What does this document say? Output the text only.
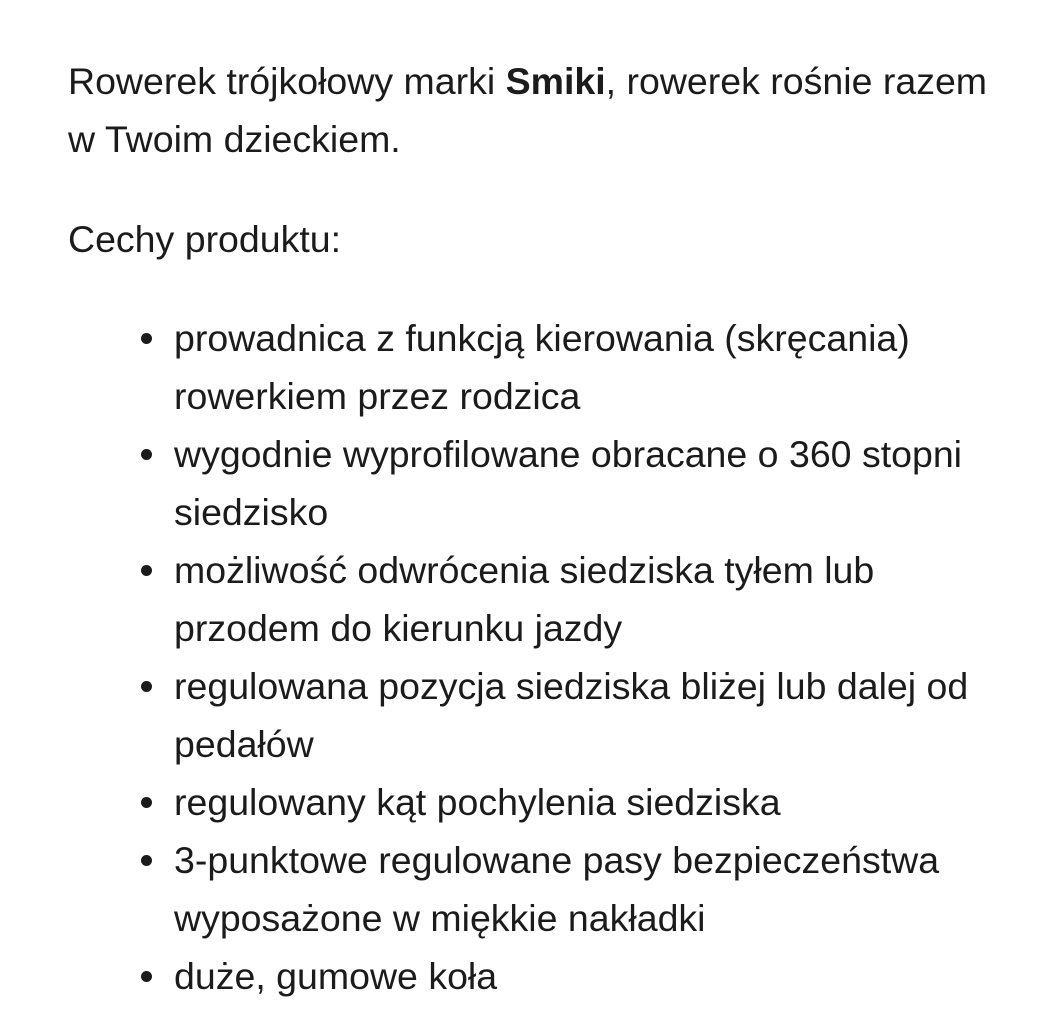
Rowerek trójkołowy marki Smiki, rowerek rośnie razem w Twoim dzieckiem.

Cechy produktu:

prowadnica z funkcją kierowania (skręcania) rowerkiem przez rodzica
wygodnie wyprofilowane obracane o 360 stopni siedzisko
możliwość odwrócenia siedziska tyłem lub przodem do kierunku jazdy
regulowana pozycja siedziska bliżej lub dalej od pedałów
regulowany kąt pochylenia siedziska
3-punktowe regulowane pasy bezpieczeństwa wyposażone w miękkie nakładki
duże, gumowe koła
